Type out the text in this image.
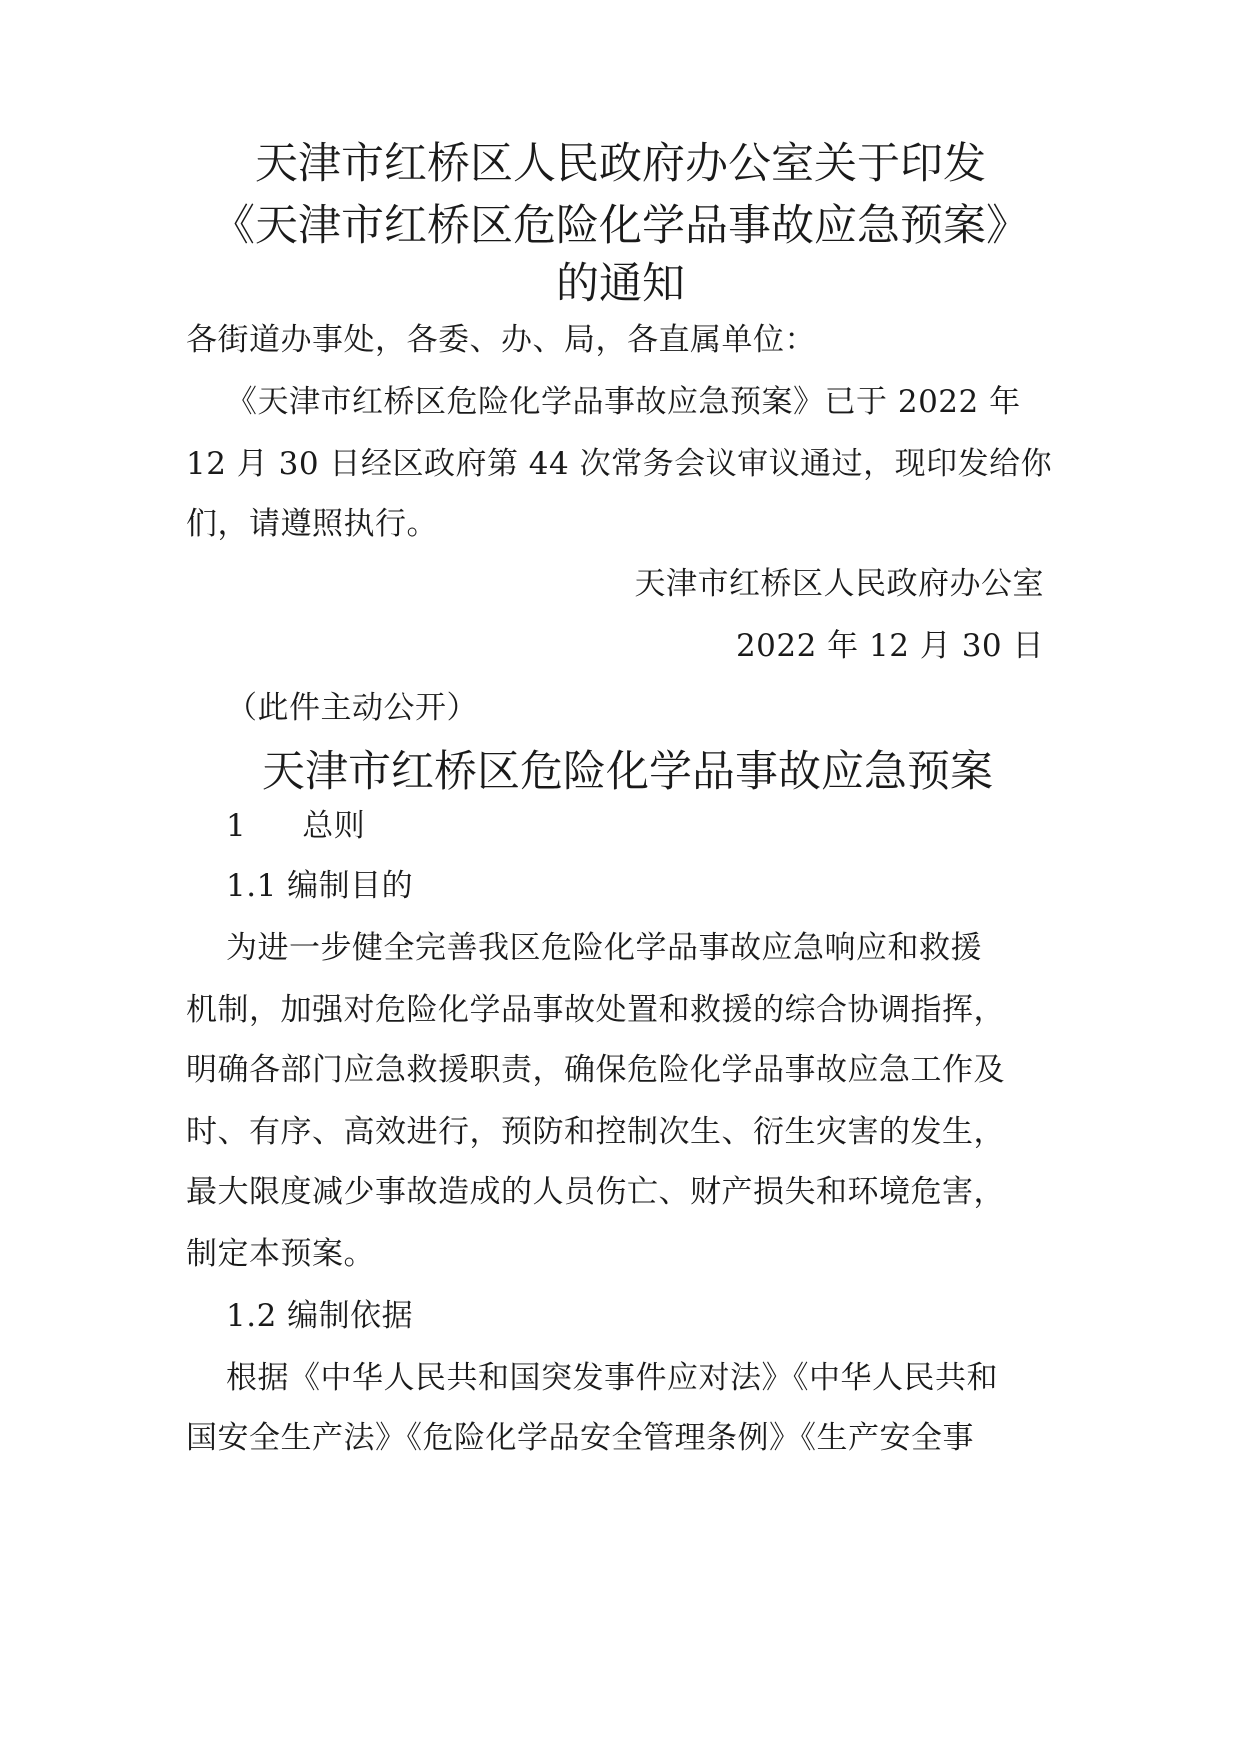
天津市红桥区人民政府办公室关于印发
《天津市红桥区危险化学品事故应急预案》
的通知
各街道办事处，各委、办、局，各直属单位：
《天津市红桥区危险化学品事故应急预案》已于 2022 年
12 月 30 日经区政府第 44 次常务会议审议通过，现印发给你
们，请遵照执行。
天津市红桥区人民政府办公室
2022 年 12 月 30 日
（此件主动公开）
天津市红桥区危险化学品事故应急预案
1 总则
1.1 编制目的
为进一步健全完善我区危险化学品事故应急响应和救援
机制，加强对危险化学品事故处置和救援的综合协调指挥，
明确各部门应急救援职责，确保危险化学品事故应急工作及
时、有序、高效进行，预防和控制次生、衍生灾害的发生，
最大限度减少事故造成的人员伤亡、财产损失和环境危害，
制定本预案。
1.2 编制依据
根据《中华人民共和国突发事件应对法》《中华人民共和
国安全生产法》《危险化学品安全管理条例》《生产安全事
